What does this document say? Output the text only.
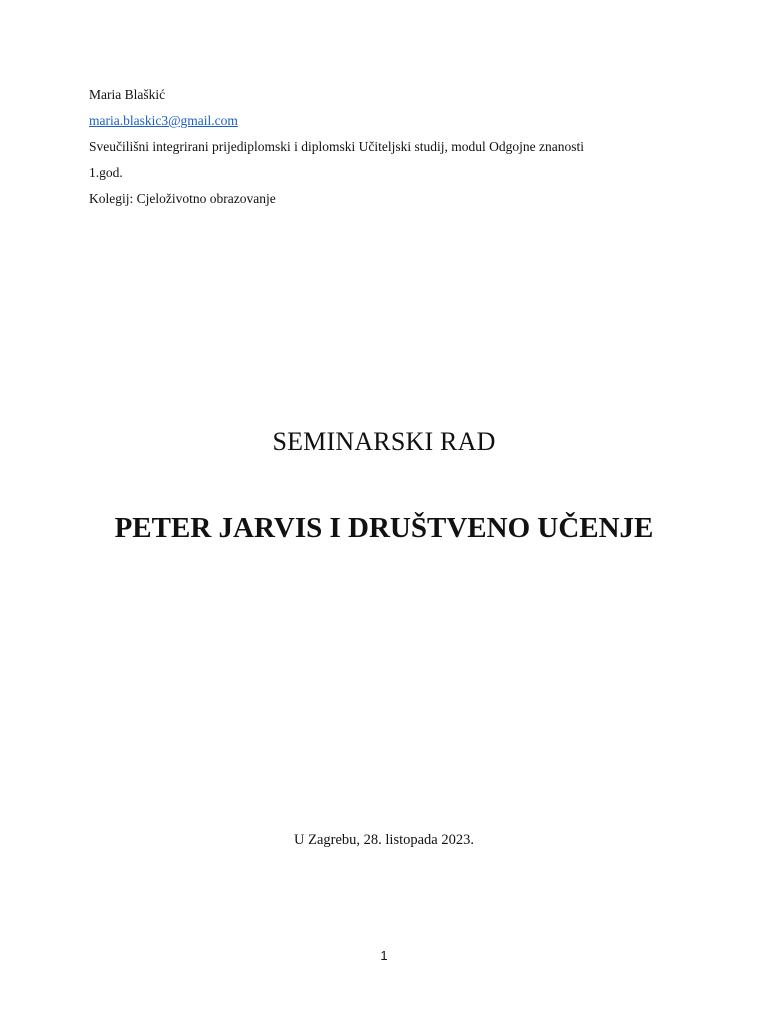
Maria Blaškić
maria.blaskic3@gmail.com
Sveučilišni integrirani prijediplomski i diplomski Učiteljski studij, modul Odgojne znanosti
1.god.
Kolegij: Cjeloživotno obrazovanje
SEMINARSKI RAD
PETER JARVIS I DRUŠTVENO UČENJE
U Zagrebu, 28. listopada 2023.
1
